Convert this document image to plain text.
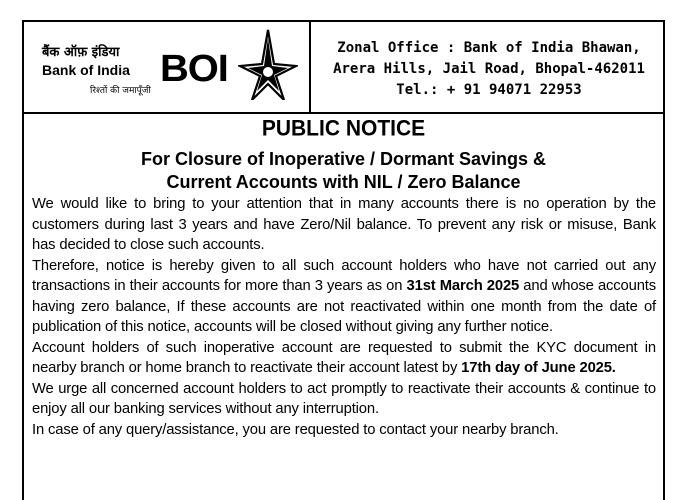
बैंक ऑफ़ इंडिया
Bank of India
रिश्तों की जमापूँजी
BOI	Zonal Office : Bank of India Bhawan,
Arera Hills, Jail Road, Bhopal-462011
Tel.: + 91 94071 22953
PUBLIC NOTICE
For Closure of Inoperative / Dormant Savings &
Current Accounts with NIL / Zero Balance

We would like to bring to your attention that in many accounts there is no operation by the customers during last 3 years and have Zero/Nil balance. To prevent any risk or misuse, Bank has decided to close such accounts.

Therefore, notice is hereby given to all such account holders who have not carried out any transactions in their accounts for more than 3 years as on 31st March 2025 and whose accounts having zero balance, If these accounts are not reactivated within one month from the date of publication of this notice, accounts will be closed without giving any further notice.

Account holders of such inoperative account are requested to submit the KYC document in nearby branch or home branch to reactivate their account latest by 17th day of June 2025.

We urge all concerned account holders to act promptly to reactivate their accounts & continue to enjoy all our banking services without any interruption.

In case of any query/assistance, you are requested to contact your nearby branch.
